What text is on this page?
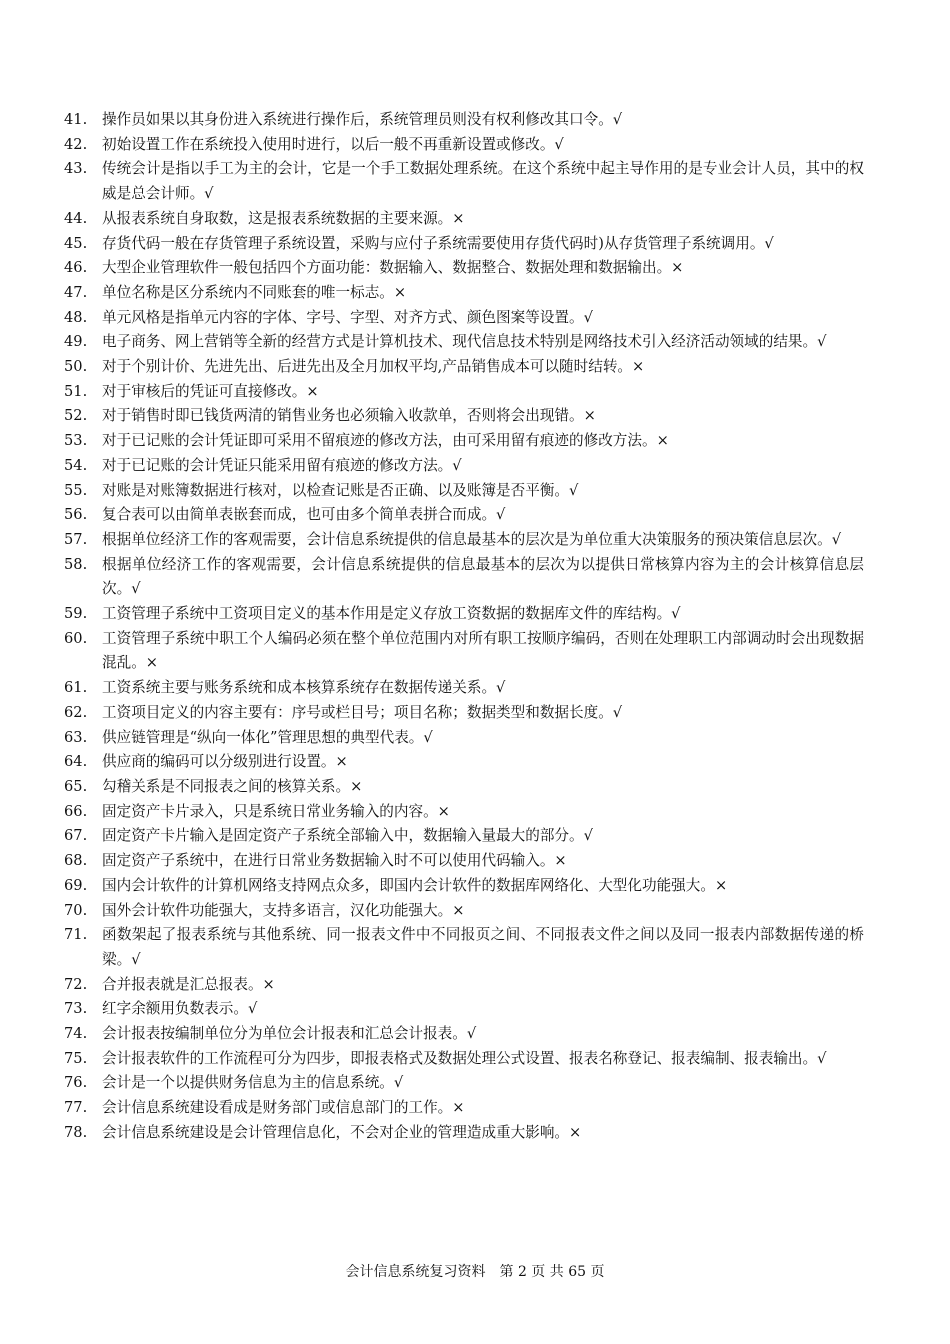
41.	操作员如果以其身份进入系统进行操作后，系统管理员则没有权利修改其口令。√
42.	初始设置工作在系统投入使用时进行，以后一般不再重新设置或修改。√
43.	传统会计是指以手工为主的会计，它是一个手工数据处理系统。在这个系统中起主导作用的是专业会计人员，其中的权威是总会计师。√
44.	从报表系统自身取数，这是报表系统数据的主要来源。×
45.	存货代码一般在存货管理子系统设置，采购与应付子系统需要使用存货代码时)从存货管理子系统调用。√
46.	大型企业管理软件一般包括四个方面功能：数据输入、数据整合、数据处理和数据输出。×
47.	单位名称是区分系统内不同账套的唯一标志。×
48.	单元风格是指单元内容的字体、字号、字型、对齐方式、颜色图案等设置。√
49.	电子商务、网上营销等全新的经营方式是计算机技术、现代信息技术特别是网络技术引入经济活动领域的结果。√
50.	对于个别计价、先进先出、后进先出及全月加权平均,产品销售成本可以随时结转。×
51.	对于审核后的凭证可直接修改。×
52.	对于销售时即已钱货两清的销售业务也必须输入收款单，否则将会出现错。×
53.	对于已记账的会计凭证即可采用不留痕迹的修改方法，由可采用留有痕迹的修改方法。×
54.	对于已记账的会计凭证只能采用留有痕迹的修改方法。√
55.	对账是对账簿数据进行核对，以检查记账是否正确、以及账簿是否平衡。√
56.	复合表可以由简单表嵌套而成，也可由多个简单表拼合而成。√
57.	根据单位经济工作的客观需要，会计信息系统提供的信息最基本的层次是为单位重大决策服务的预决策信息层次。√
58.	根据单位经济工作的客观需要，会计信息系统提供的信息最基本的层次为以提供日常核算内容为主的会计核算信息层次。√
59.	工资管理子系统中工资项目定义的基本作用是定义存放工资数据的数据库文件的库结构。√
60.	工资管理子系统中职工个人编码必须在整个单位范围内对所有职工按顺序编码，否则在处理职工内部调动时会出现数据混乱。×
61.	工资系统主要与账务系统和成本核算系统存在数据传递关系。√
62.	工资项目定义的内容主要有：序号或栏目号；项目名称；数据类型和数据长度。√
63.	供应链管理是“纵向一体化”管理思想的典型代表。√
64.	供应商的编码可以分级别进行设置。×
65.	勾稽关系是不同报表之间的核算关系。×
66.	固定资产卡片录入，只是系统日常业务输入的内容。×
67.	固定资产卡片输入是固定资产子系统全部输入中，数据输入量最大的部分。√
68.	固定资产子系统中，在进行日常业务数据输入时不可以使用代码输入。×
69.	国内会计软件的计算机网络支持网点众多，即国内会计软件的数据库网络化、大型化功能强大。×
70.	国外会计软件功能强大，支持多语言，汉化功能强大。×
71.	函数架起了报表系统与其他系统、同一报表文件中不同报页之间、不同报表文件之间以及同一报表内部数据传递的桥梁。√
72.	合并报表就是汇总报表。×
73.	红字余额用负数表示。√
74.	会计报表按编制单位分为单位会计报表和汇总会计报表。√
75.	会计报表软件的工作流程可分为四步，即报表格式及数据处理公式设置、报表名称登记、报表编制、报表输出。√
76.	会计是一个以提供财务信息为主的信息系统。√
77.	会计信息系统建设看成是财务部门或信息部门的工作。×
78.	会计信息系统建设是会计管理信息化，不会对企业的管理造成重大影响。×
会计信息系统复习资料　第 2 页 共 65 页
